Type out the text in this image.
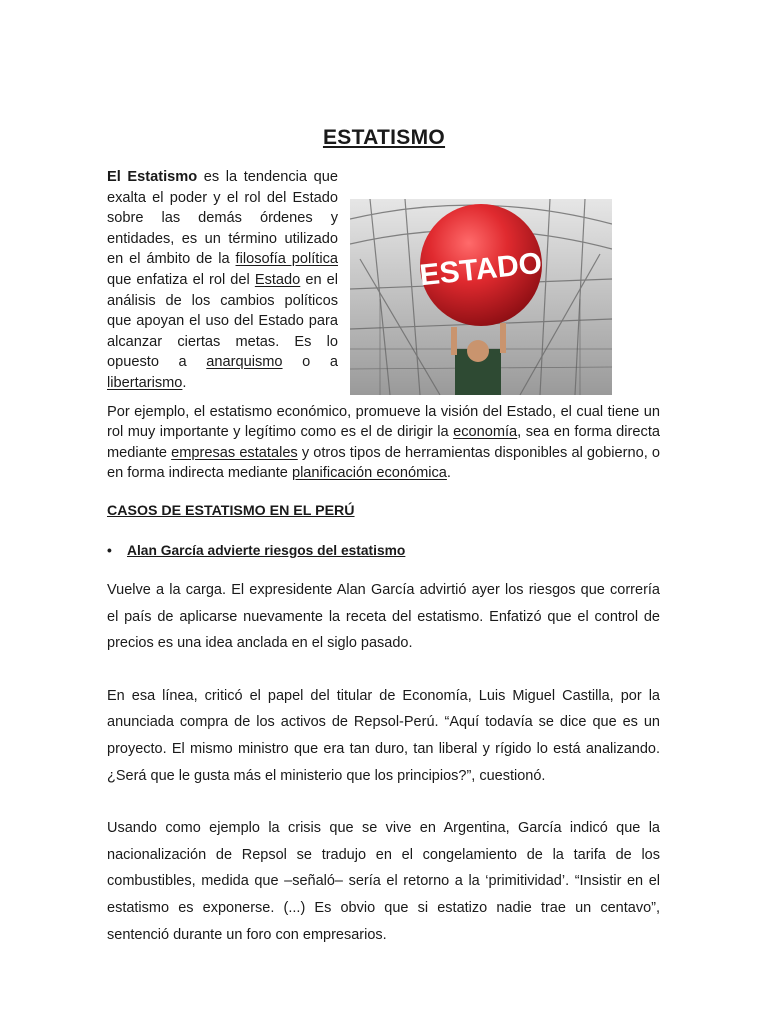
ESTATISMO

ESTADO
El Estatismo es la tendencia que exalta el poder y el rol del Estado sobre las demás órdenes y entidades, es un término utilizado en el ámbito de la filosofía política que enfatiza el rol del Estado en el análisis de los cambios políticos que apoyan el uso del Estado para alcanzar ciertas metas. Es lo opuesto a anarquismo o a libertarismo.

Por ejemplo, el estatismo económico, promueve la visión del Estado, el cual tiene un rol muy importante y legítimo como es el de dirigir la economía, sea en forma directa mediante empresas estatales y otros tipos de herramientas disponibles al gobierno, o en forma indirecta mediante planificación económica.

CASOS DE ESTATISMO EN EL PERÚ

• Alan García advierte riesgos del estatismo

Vuelve a la carga. El expresidente Alan García advirtió ayer los riesgos que correría el país de aplicarse nuevamente la receta del estatismo. Enfatizó que el control de precios es una idea anclada en el siglo pasado.

En esa línea, criticó el papel del titular de Economía, Luis Miguel Castilla, por la anunciada compra de los activos de Repsol-Perú. “Aquí todavía se dice que es un proyecto. El mismo ministro que era tan duro, tan liberal y rígido lo está analizando. ¿Será que le gusta más el ministerio que los principios?”, cuestionó.

Usando como ejemplo la crisis que se vive en Argentina, García indicó que la nacionalización de Repsol se tradujo en el congelamiento de la tarifa de los combustibles, medida que –señaló– sería el retorno a la ‘primitividad’. “Insistir en el estatismo es exponerse. (...) Es obvio que si estatizo nadie trae un centavo”, sentenció durante un foro con empresarios.
